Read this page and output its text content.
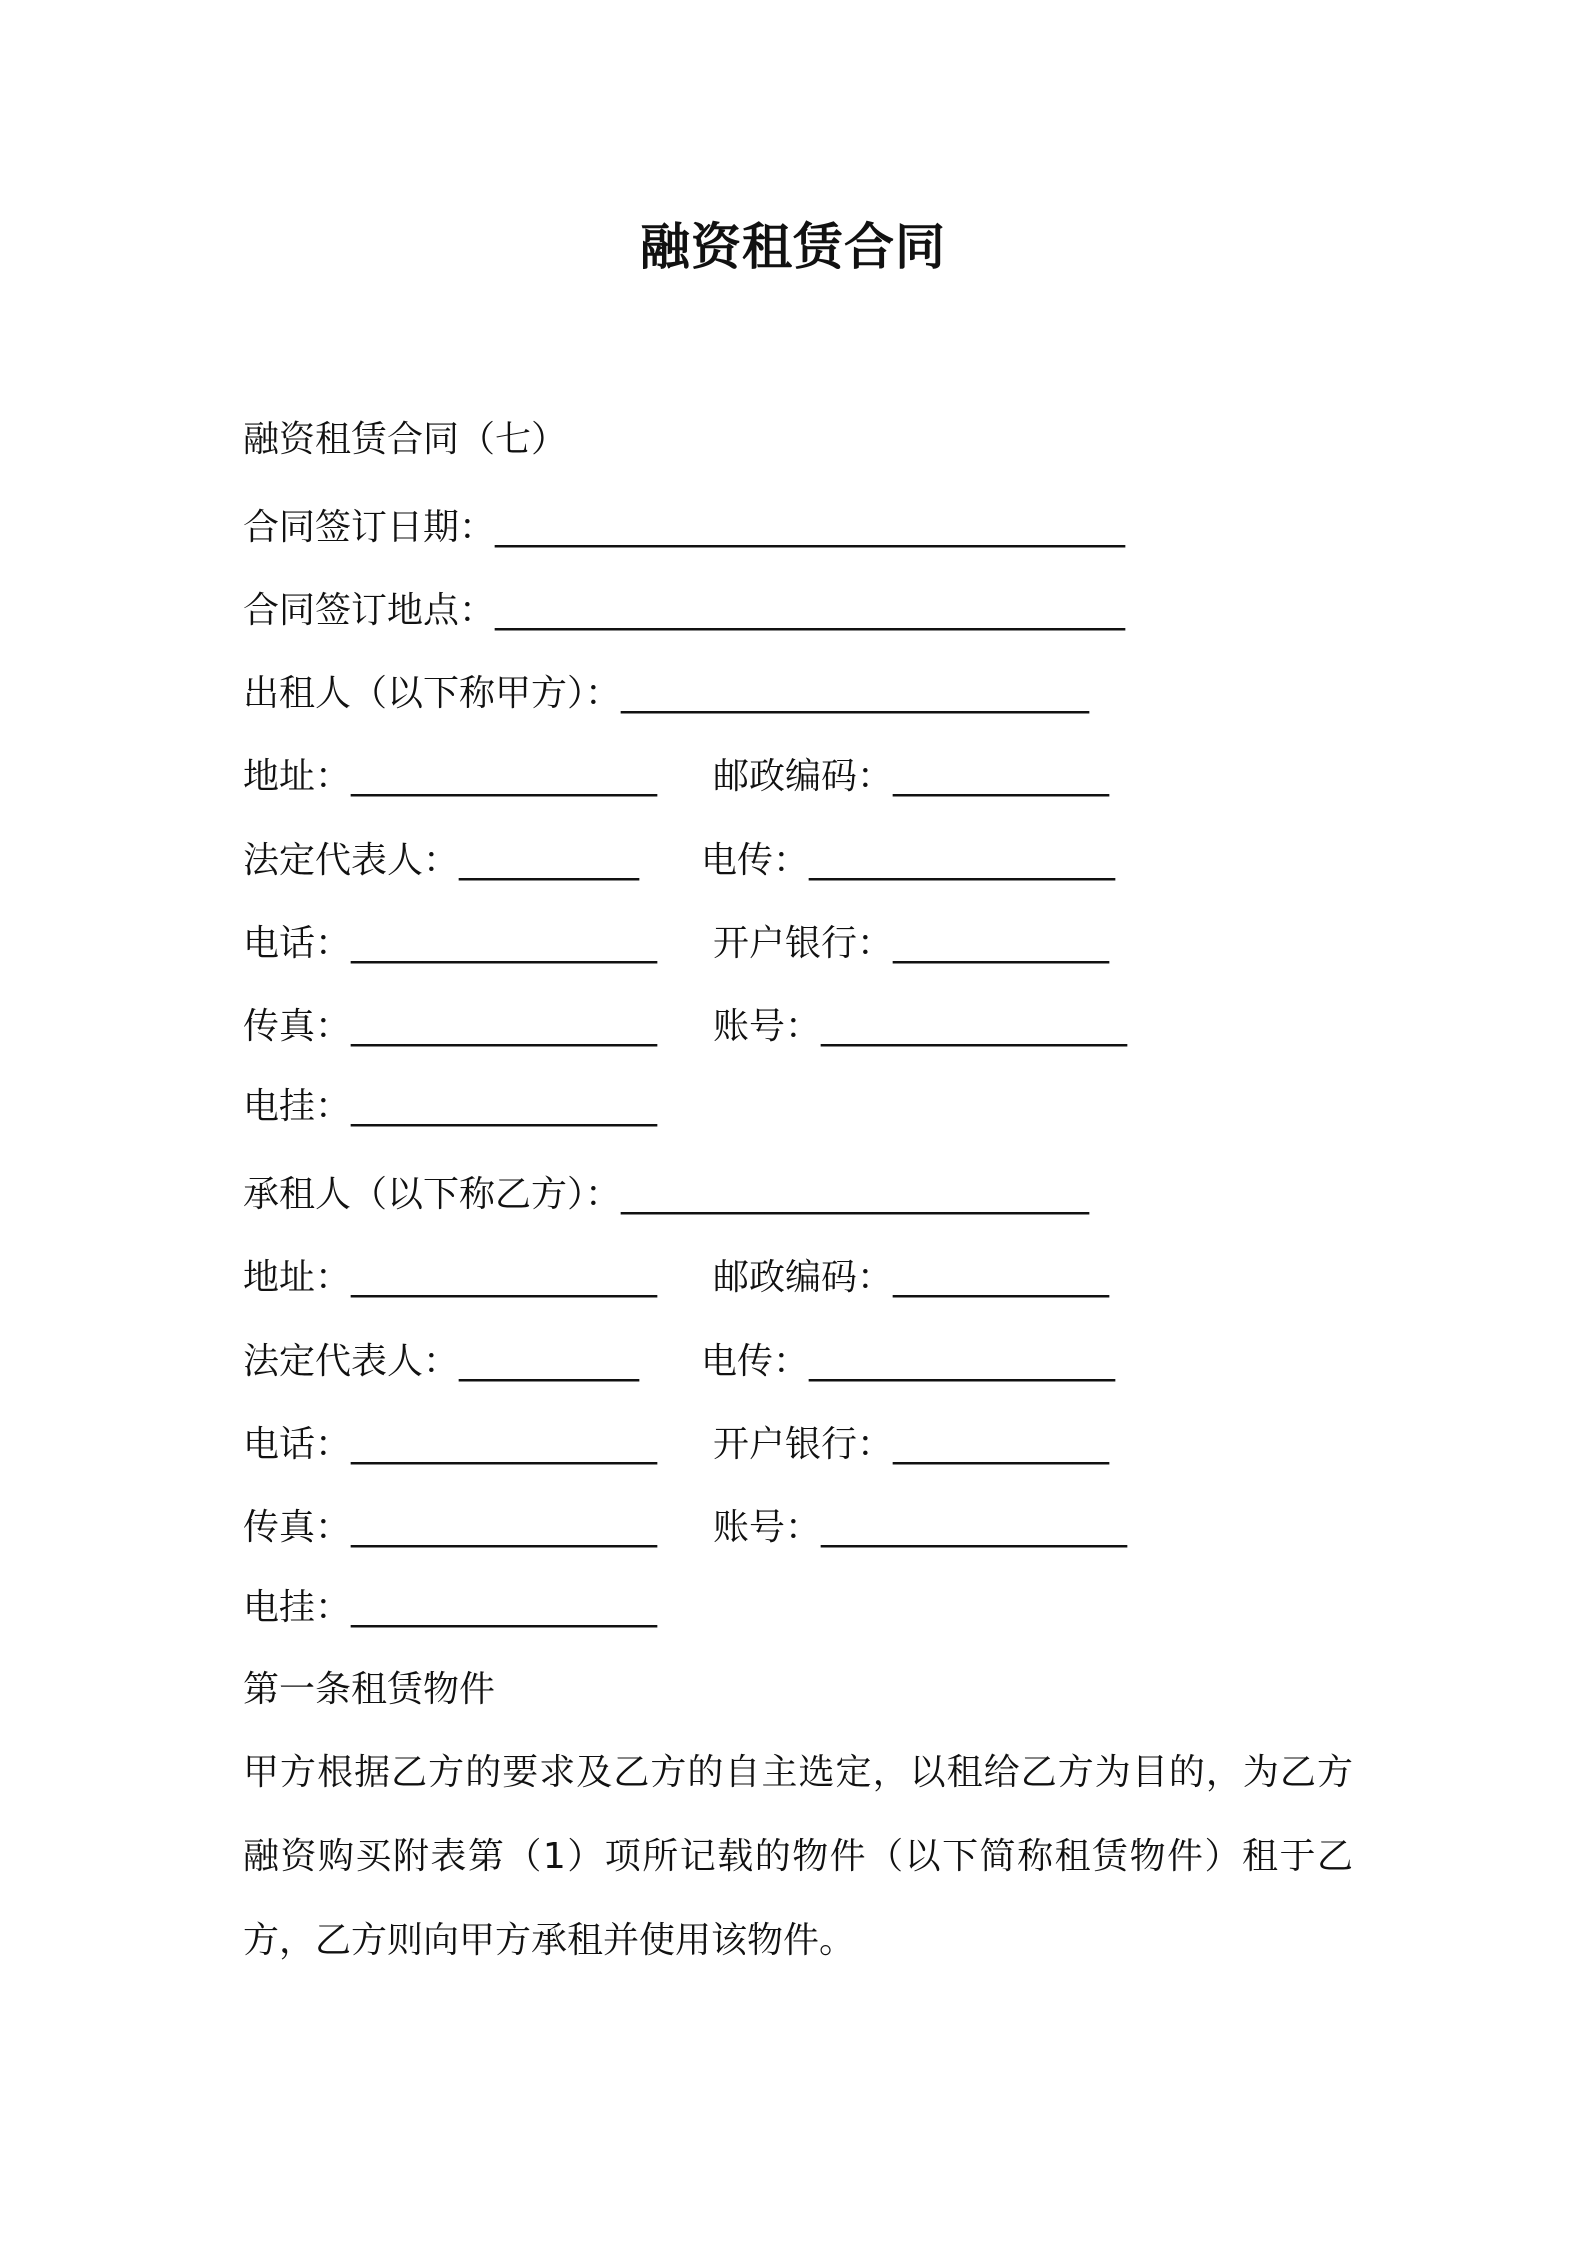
融资租赁合同
融资租赁合同（七）
合同签订日期：___________________________________
合同签订地点：___________________________________
出租人（以下称甲方）：__________________________
地址：_________________ 邮政编码：____________
法定代表人：__________ 电传：_________________
电话：_________________ 开户银行：____________
传真：_________________ 账号：_________________
电挂：_________________
承租人（以下称乙方）：__________________________
地址：_________________ 邮政编码：____________
法定代表人：__________ 电传：_________________
电话：_________________ 开户银行：____________
传真：_________________ 账号：_________________
电挂：_________________
第一条租赁物件
甲方根据乙方的要求及乙方的自主选定，以租给乙方为目的，为乙方融资购买附表第（1）项所记载的物件（以下简称租赁物件）租于乙方，乙方则向甲方承租并使用该物件。
